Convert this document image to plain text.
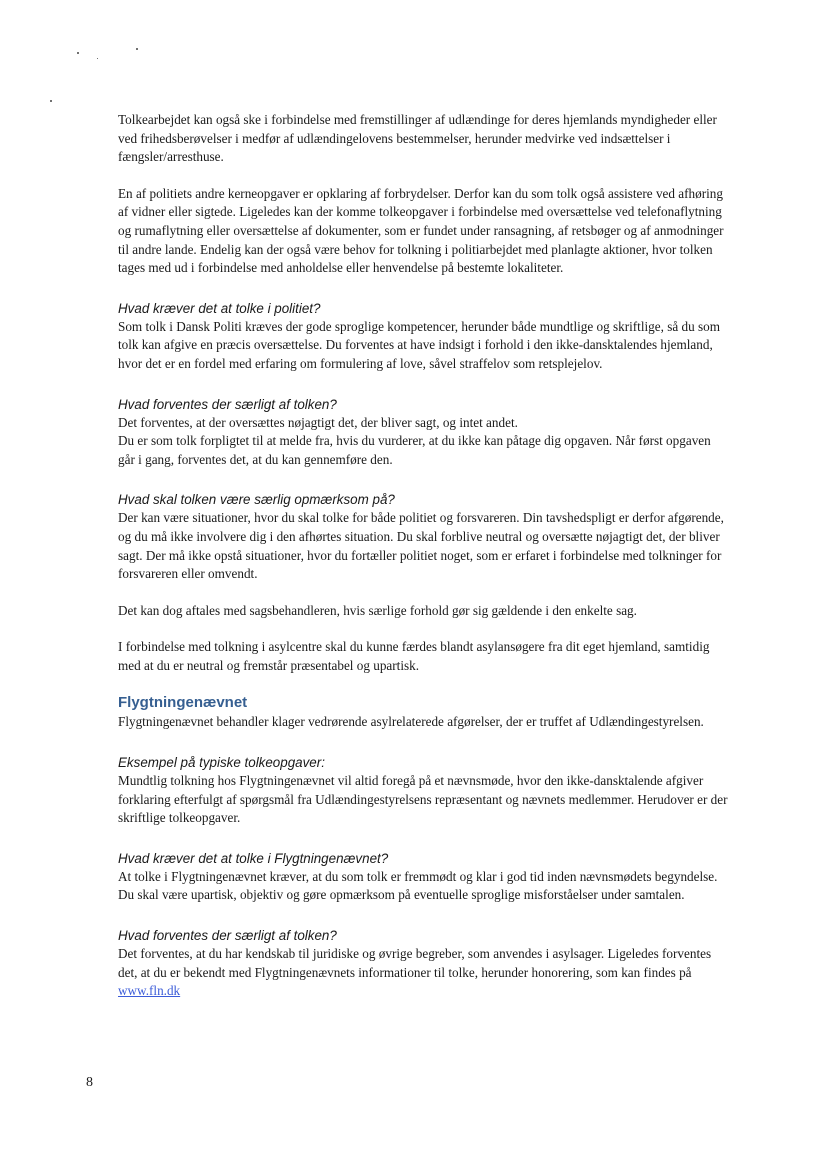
Tolkearbejdet kan også ske i forbindelse med fremstillinger af udlændinge for deres hjemlands myndigheder eller ved frihedsberøvelser i medfør af udlændingelovens bestemmelser, herunder medvirke ved indsættelser i fængsler/arresthuse.

En af politiets andre kerneopgaver er opklaring af forbrydelser. Derfor kan du som tolk også assistere ved afhøring af vidner eller sigtede. Ligeledes kan der komme tolkeopgaver i forbindelse med oversættelse ved telefonaflytning og rumaflytning eller oversættelse af dokumenter, som er fundet under ransagning, af retsbøger og af anmodninger til andre lande. Endelig kan der også være behov for tolkning i politiarbejdet med planlagte aktioner, hvor tolken tages med ud i forbindelse med anholdelse eller henvendelse på bestemte lokaliteter.

Hvad kræver det at tolke i politiet?

Som tolk i Dansk Politi kræves der gode sproglige kompetencer, herunder både mundtlige og skriftlige, så du som tolk kan afgive en præcis oversættelse. Du forventes at have indsigt i forhold i den ikke-dansktalendes hjemland, hvor det er en fordel med erfaring om formulering af love, såvel straffelov som retsplejelov.

Hvad forventes der særligt af tolken?

Det forventes, at der oversættes nøjagtigt det, der bliver sagt, og intet andet.

Du er som tolk forpligtet til at melde fra, hvis du vurderer, at du ikke kan påtage dig opgaven. Når først opgaven går i gang, forventes det, at du kan gennemføre den.

Hvad skal tolken være særlig opmærksom på?

Der kan være situationer, hvor du skal tolke for både politiet og forsvareren. Din tavshedspligt er derfor afgørende, og du må ikke involvere dig i den afhørtes situation. Du skal forblive neutral og oversætte nøjagtigt det, der bliver sagt. Der må ikke opstå situationer, hvor du fortæller politiet noget, som er erfaret i forbindelse med tolkninger for forsvareren eller omvendt.

Det kan dog aftales med sagsbehandleren, hvis særlige forhold gør sig gældende i den enkelte sag.

I forbindelse med tolkning i asylcentre skal du kunne færdes blandt asylansøgere fra dit eget hjemland, samtidig med at du er neutral og fremstår præsentabel og upartisk.

Flygtningenævnet

Flygtningenævnet behandler klager vedrørende asylrelaterede afgørelser, der er truffet af Udlændingestyrelsen.

Eksempel på typiske tolkeopgaver:

Mundtlig tolkning hos Flygtningenævnet vil altid foregå på et nævnsmøde, hvor den ikke-dansktalende afgiver forklaring efterfulgt af spørgsmål fra Udlændingestyrelsens repræsentant og nævnets medlemmer. Herudover er der skriftlige tolkeopgaver.

Hvad kræver det at tolke i Flygtningenævnet?

At tolke i Flygtningenævnet kræver, at du som tolk er fremmødt og klar i god tid inden nævnsmødets begyndelse. Du skal være upartisk, objektiv og gøre opmærksom på eventuelle sproglige misforståelser under samtalen.

Hvad forventes der særligt af tolken?

Det forventes, at du har kendskab til juridiske og øvrige begreber, som anvendes i asylsager. Ligeledes forventes det, at du er bekendt med Flygtningenævnets informationer til tolke, herunder honorering, som kan findes på www.fln.dk

8
